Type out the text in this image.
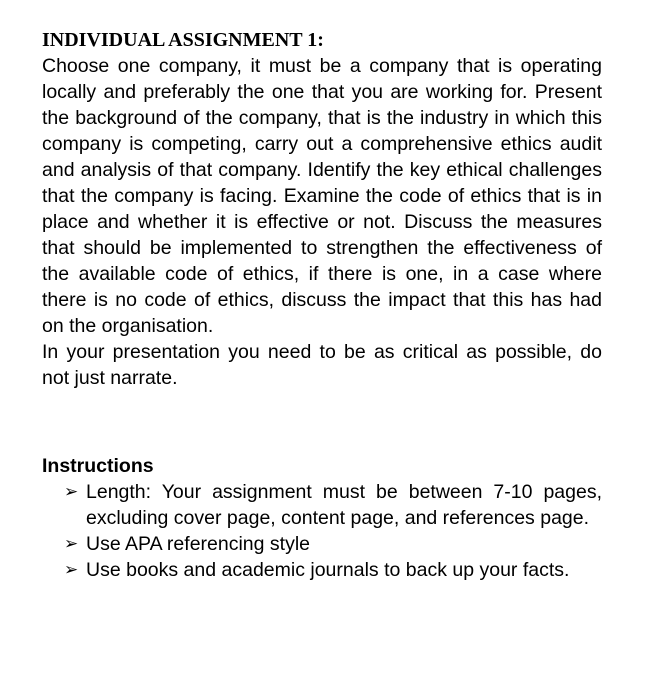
INDIVIDUAL ASSIGNMENT 1:

Choose one company, it must be a company that is operating locally and preferably the one that you are working for. Present the background of the company, that is the industry in which this company is competing, carry out a comprehensive ethics audit and analysis of that company. Identify the key ethical challenges that the company is facing. Examine the code of ethics that is in place and whether it is effective or not. Discuss the measures that should be implemented to strengthen the effectiveness of the available code of ethics, if there is one, in a case where there is no code of ethics, discuss the impact that this has had on the organisation.

In your presentation you need to be as critical as possible, do not just narrate.

Instructions

➢ Length: Your assignment must be between 7-10 pages, excluding cover page, content page, and references page.
➢ Use APA referencing style
➢ Use books and academic journals to back up your facts.
